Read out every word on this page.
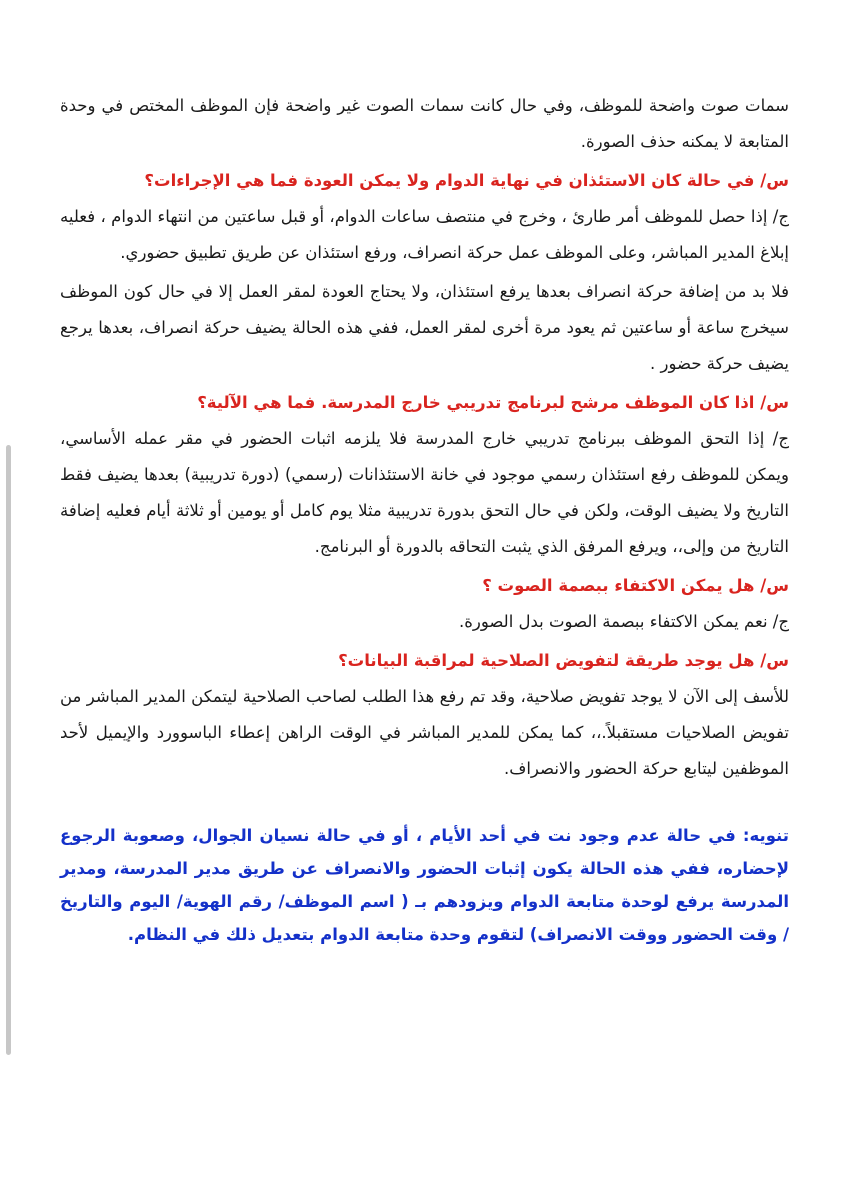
سمات صوت واضحة للموظف، وفي حال كانت سمات الصوت غير واضحة فإن الموظف المختص في وحدة المتابعة لا يمكنه حذف الصورة.

س/ في حالة كان الاستئذان في نهاية الدوام ولا يمكن العودة فما هي الإجراءات؟

ج/ إذا حصل للموظف أمر طارئ ، وخرج في منتصف ساعات الدوام، أو قبل ساعتين من انتهاء الدوام ، فعليه إبلاغ المدير المباشر، وعلى الموظف عمل حركة انصراف، ورفع استئذان عن طريق تطبيق حضوري.

فلا بد من إضافة حركة انصراف بعدها يرفع استئذان، ولا يحتاج العودة لمقر العمل إلا في حال كون الموظف سيخرج ساعة أو ساعتين ثم يعود مرة أخرى لمقر العمل، ففي هذه الحالة يضيف حركة انصراف، بعدها يرجع يضيف حركة حضور .

س/ اذا كان الموظف مرشح لبرنامج تدريبي خارج المدرسة. فما هي الآلية؟

ج/ إذا التحق الموظف ببرنامج تدريبي خارج المدرسة فلا يلزمه اثبات الحضور في مقر عمله الأساسي، ويمكن للموظف رفع استئذان رسمي موجود في خانة الاستئذانات (رسمي) (دورة تدريبية) بعدها يضيف فقط التاريخ ولا يضيف الوقت، ولكن في حال التحق بدورة تدريبية مثلا يوم كامل أو يومين أو ثلاثة أيام فعليه إضافة التاريخ من وإلى،، ويرفع المرفق الذي يثبت التحاقه بالدورة أو البرنامج.

س/ هل يمكن الاكتفاء ببصمة الصوت ؟

ج/ نعم يمكن الاكتفاء ببصمة الصوت بدل الصورة.

س/ هل يوجد طريقة لتفويض الصلاحية لمراقبة البيانات؟

للأسف إلى الآن لا يوجد تفويض صلاحية، وقد تم رفع هذا الطلب لصاحب الصلاحية ليتمكن المدير المباشر من تفويض الصلاحيات مستقبلاً.،، كما يمكن للمدير المباشر في الوقت الراهن إعطاء الباسوورد والإيميل لأحد الموظفين ليتابع حركة الحضور والانصراف.

تنويه: في حالة عدم وجود نت في أحد الأيام ، أو في حالة نسيان الجوال، وصعوبة الرجوع لإحضاره، ففي هذه الحالة يكون إثبات الحضور والانصراف عن طريق مدير المدرسة، ومدير المدرسة يرفع لوحدة متابعة الدوام ويزودهم بـ ( اسم الموظف/ رقم الهوية/ اليوم والتاريخ / وقت الحضور ووقت الانصراف) لتقوم وحدة متابعة الدوام بتعديل ذلك في النظام.
